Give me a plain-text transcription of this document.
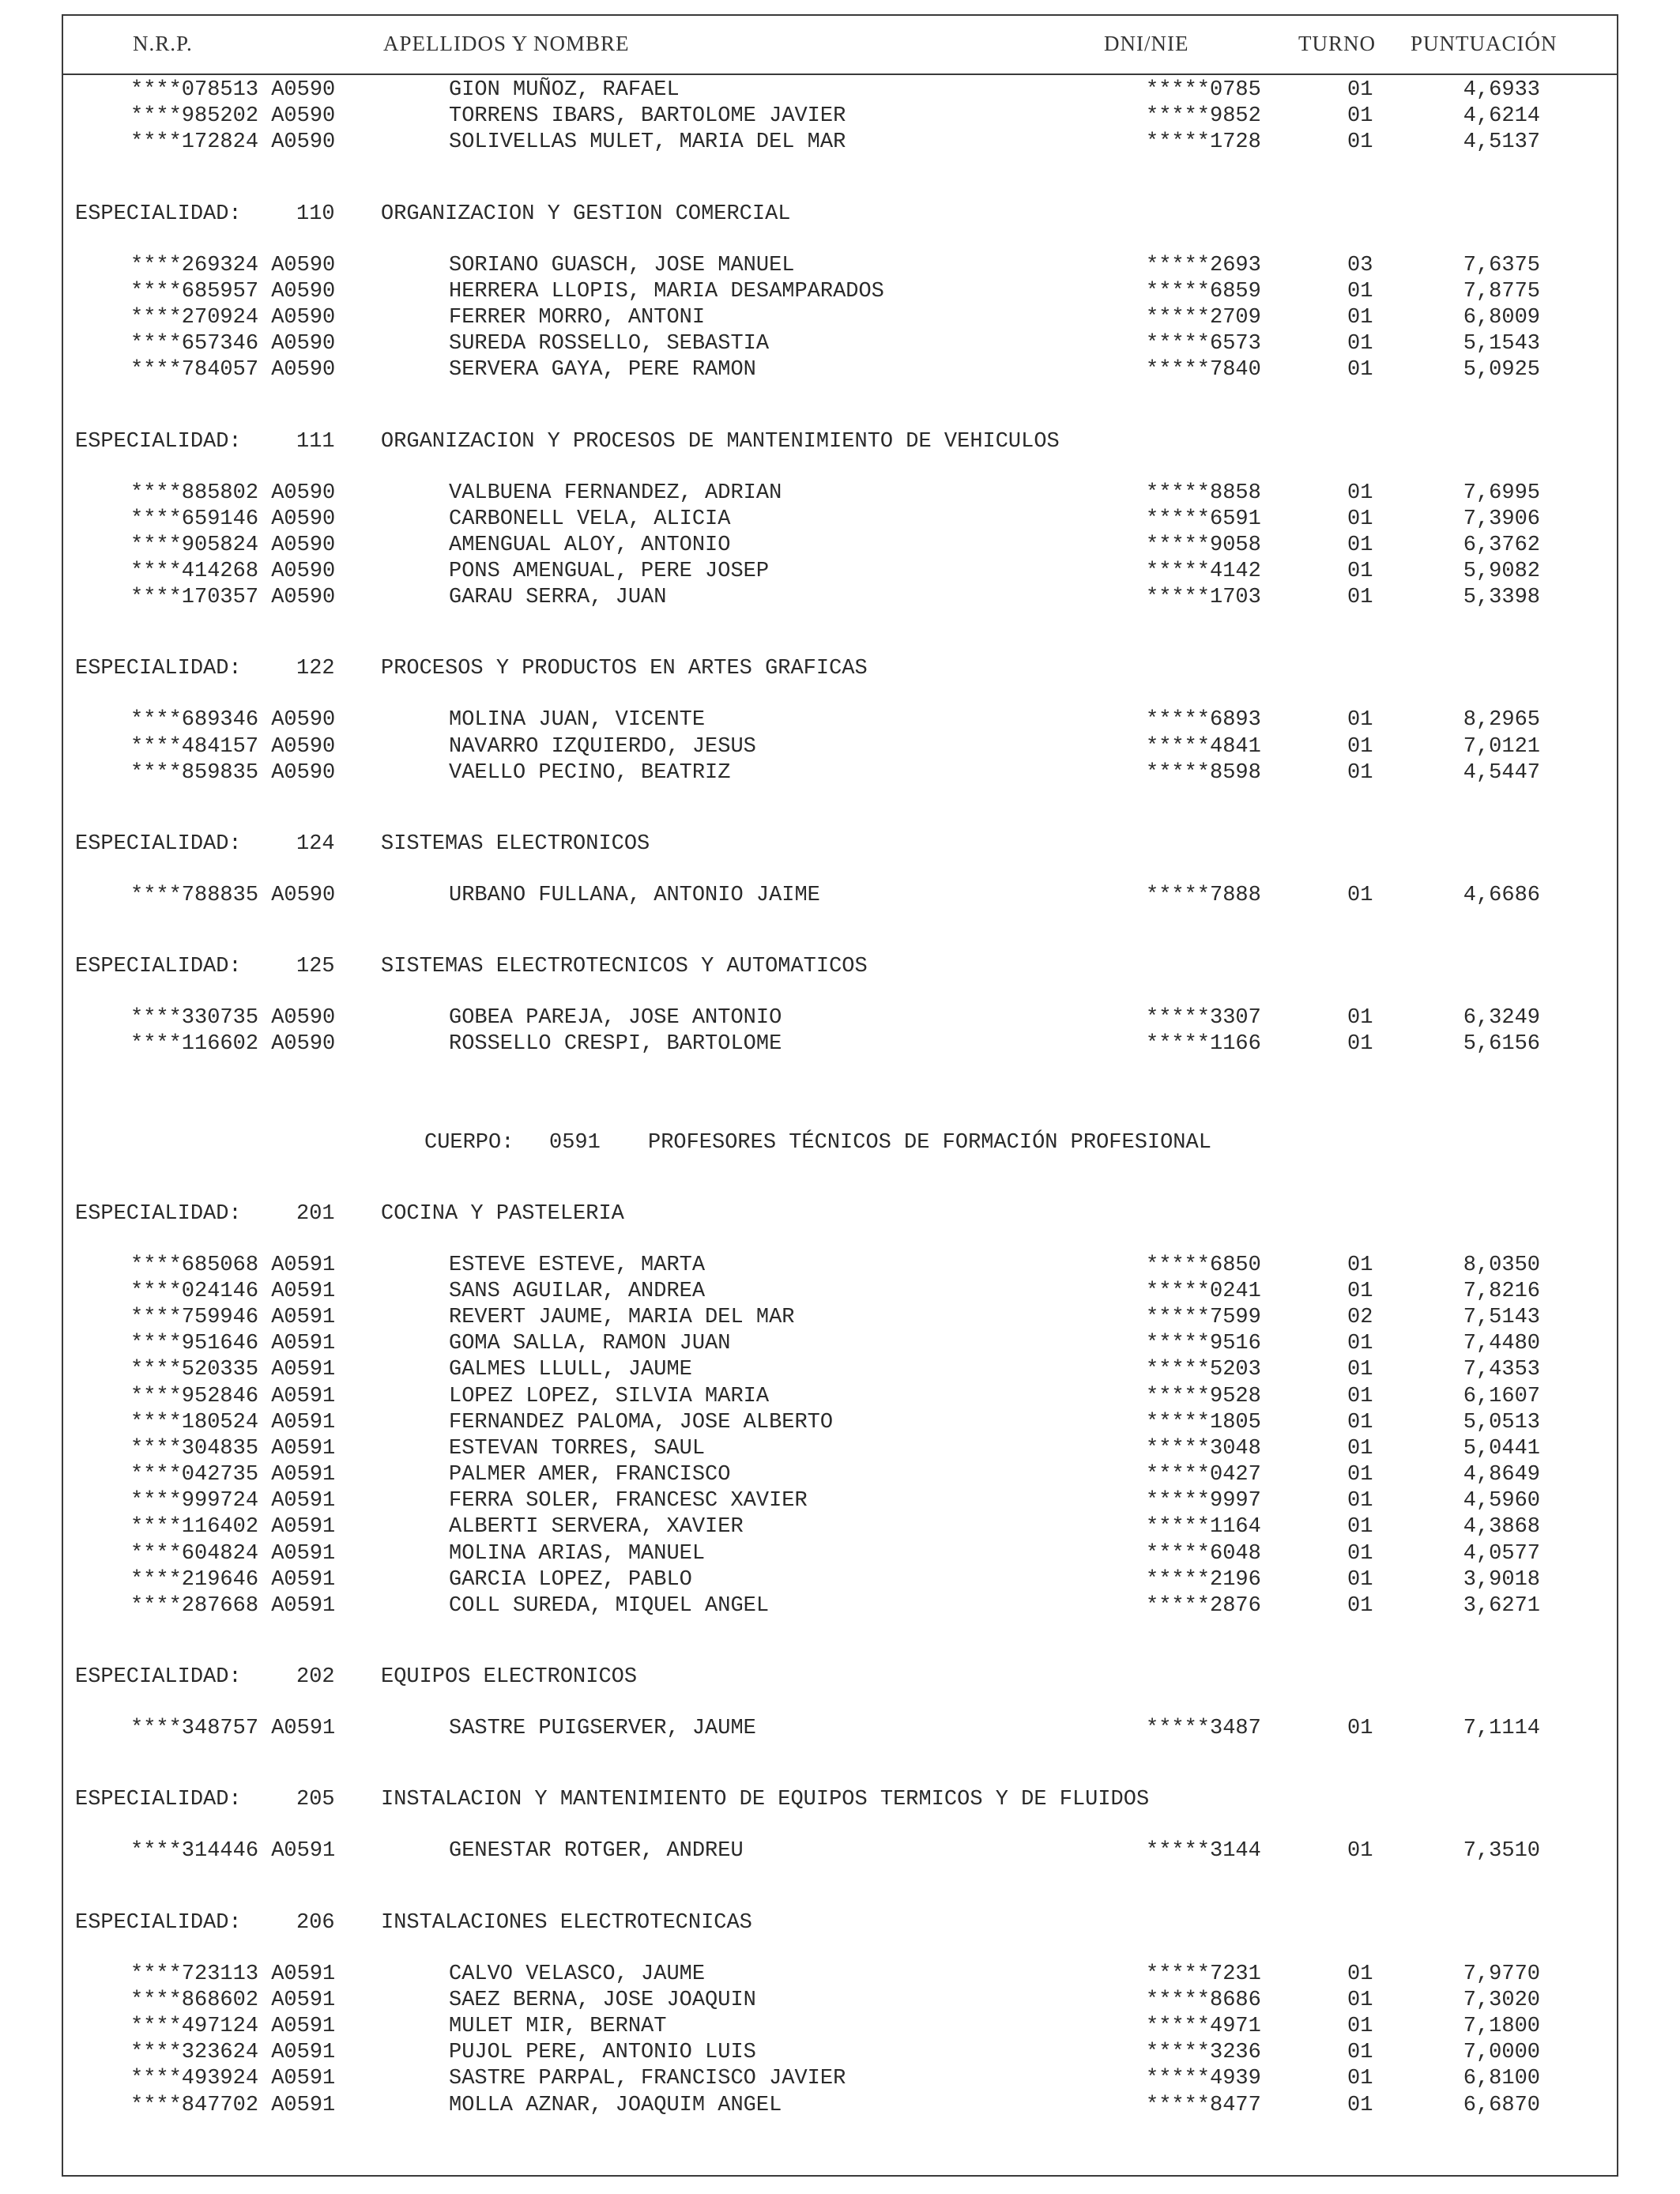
N.R.P.	APELLIDOS Y NOMBRE	DNI/NIE	TURNO PUNTUACIÓN
****078513 A0590	GION MUÑOZ, RAFAEL	*****0785	01	4,6933
****985202 A0590	TORRENS IBARS, BARTOLOME JAVIER	*****9852	01	4,6214
****172824 A0590	SOLIVELLAS MULET, MARIA DEL MAR	*****1728	01	4,5137
ESPECIALIDAD:	110 ORGANIZACION Y GESTION COMERCIAL
****269324 A0590	SORIANO GUASCH, JOSE MANUEL	*****2693	03	7,6375
****685957 A0590	HERRERA LLOPIS, MARIA DESAMPARADOS	*****6859	01	7,8775
****270924 A0590	FERRER MORRO, ANTONI	*****2709	01	6,8009
****657346 A0590	SUREDA ROSSELLO, SEBASTIA	*****6573	01	5,1543
****784057 A0590	SERVERA GAYA, PERE RAMON	*****7840	01	5,0925
ESPECIALIDAD:	111 ORGANIZACION Y PROCESOS DE MANTENIMIENTO DE VEHICULOS
****885802 A0590	VALBUENA FERNANDEZ, ADRIAN	*****8858	01	7,6995
****659146 A0590	CARBONELL VELA, ALICIA	*****6591	01	7,3906
****905824 A0590	AMENGUAL ALOY, ANTONIO	*****9058	01	6,3762
****414268 A0590	PONS AMENGUAL, PERE JOSEP	*****4142	01	5,9082
****170357 A0590	GARAU SERRA, JUAN	*****1703	01	5,3398
ESPECIALIDAD:	122 PROCESOS Y PRODUCTOS EN ARTES GRAFICAS
****689346 A0590	MOLINA JUAN, VICENTE	*****6893	01	8,2965
****484157 A0590	NAVARRO IZQUIERDO, JESUS	*****4841	01	7,0121
****859835 A0590	VAELLO PECINO, BEATRIZ	*****8598	01	4,5447
ESPECIALIDAD:	124 SISTEMAS ELECTRONICOS
****788835 A0590	URBANO FULLANA, ANTONIO JAIME	*****7888	01	4,6686
ESPECIALIDAD:	125 SISTEMAS ELECTROTECNICOS Y AUTOMATICOS
****330735 A0590	GOBEA PAREJA, JOSE ANTONIO	*****3307	01	6,3249
****116602 A0590	ROSSELLO CRESPI, BARTOLOME	*****1166	01	5,6156
CUERPO: 0591 PROFESORES TÉCNICOS DE FORMACIÓN PROFESIONAL
ESPECIALIDAD:	201 COCINA Y PASTELERIA
****685068 A0591	ESTEVE ESTEVE, MARTA	*****6850	01	8,0350
****024146 A0591	SANS AGUILAR, ANDREA	*****0241	01	7,8216
****759946 A0591	REVERT JAUME, MARIA DEL MAR	*****7599	02	7,5143
****951646 A0591	GOMA SALLA, RAMON JUAN	*****9516	01	7,4480
****520335 A0591	GALMES LLULL, JAUME	*****5203	01	7,4353
****952846 A0591	LOPEZ LOPEZ, SILVIA MARIA	*****9528	01	6,1607
****180524 A0591	FERNANDEZ PALOMA, JOSE ALBERTO	*****1805	01	5,0513
****304835 A0591	ESTEVAN TORRES, SAUL	*****3048	01	5,0441
****042735 A0591	PALMER AMER, FRANCISCO	*****0427	01	4,8649
****999724 A0591	FERRA SOLER, FRANCESC XAVIER	*****9997	01	4,5960
****116402 A0591	ALBERTI SERVERA, XAVIER	*****1164	01	4,3868
****604824 A0591	MOLINA ARIAS, MANUEL	*****6048	01	4,0577
****219646 A0591	GARCIA LOPEZ, PABLO	*****2196	01	3,9018
****287668 A0591	COLL SUREDA, MIQUEL ANGEL	*****2876	01	3,6271
ESPECIALIDAD:	202 EQUIPOS ELECTRONICOS
****348757 A0591	SASTRE PUIGSERVER, JAUME	*****3487	01	7,1114
ESPECIALIDAD:	205 INSTALACION Y MANTENIMIENTO DE EQUIPOS TERMICOS Y DE FLUIDOS
****314446 A0591	GENESTAR ROTGER, ANDREU	*****3144	01	7,3510
ESPECIALIDAD:	206 INSTALACIONES ELECTROTECNICAS
****723113 A0591	CALVO VELASCO, JAUME	*****7231	01	7,9770
****868602 A0591	SAEZ BERNA, JOSE JOAQUIN	*****8686	01	7,3020
****497124 A0591	MULET MIR, BERNAT	*****4971	01	7,1800
****323624 A0591	PUJOL PERE, ANTONIO LUIS	*****3236	01	7,0000
****493924 A0591	SASTRE PARPAL, FRANCISCO JAVIER	*****4939	01	6,8100
****847702 A0591	MOLLA AZNAR, JOAQUIM ANGEL	*****8477	01	6,6870
